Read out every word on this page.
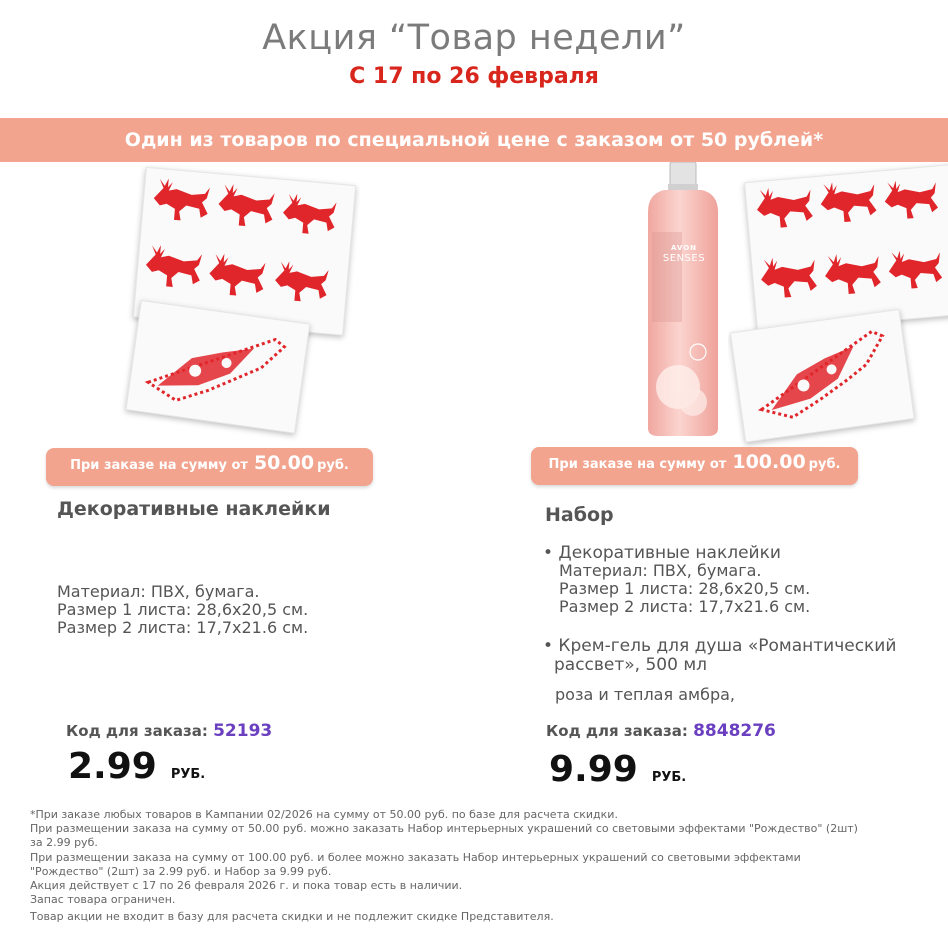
Акция “Товар недели”
С 17 по 26 февраля
Один из товаров по специальной цене с заказом от 50 рублей*
AVON
SENSES
При заказе на сумму от 50.00 руб.	При заказе на сумму от 100.00 руб.
Декоративные наклейки
Материал: ПВХ, бумага.
Размер 1 листа: 28,6х20,5 см.
Размер 2 листа: 17,7х21.6 см.
Код для заказа: 52193
2.99 РУБ.
Набор
• Декоративные наклейки
Материал: ПВХ, бумага.
Размер 1 листа: 28,6х20,5 см.
Размер 2 листа: 17,7х21.6 см.
• Крем-гель для душа «Романтический
рассвет», 500 мл
роза и теплая амбра,
Код для заказа: 8848276
9.99 РУБ.

*При заказе любых товаров в Кампании 02/2026 на сумму от 50.00 руб. по базе для расчета скидки.

При размещении заказа на сумму от 50.00 руб. можно заказать Набор интерьерных украшений со световыми эффектами "Рождество" (2шт)

за 2.99 руб.

При размещении заказа на сумму от 100.00 руб. и более можно заказать Набор интерьерных украшений со световыми эффектами

"Рождество" (2шт) за 2.99 руб. и Набор за 9.99 руб.

Акция действует с 17 по 26 февраля 2026 г. и пока товар есть в наличии.

Запас товара ограничен.

Товар акции не входит в базу для расчета скидки и не подлежит скидке Представителя.
